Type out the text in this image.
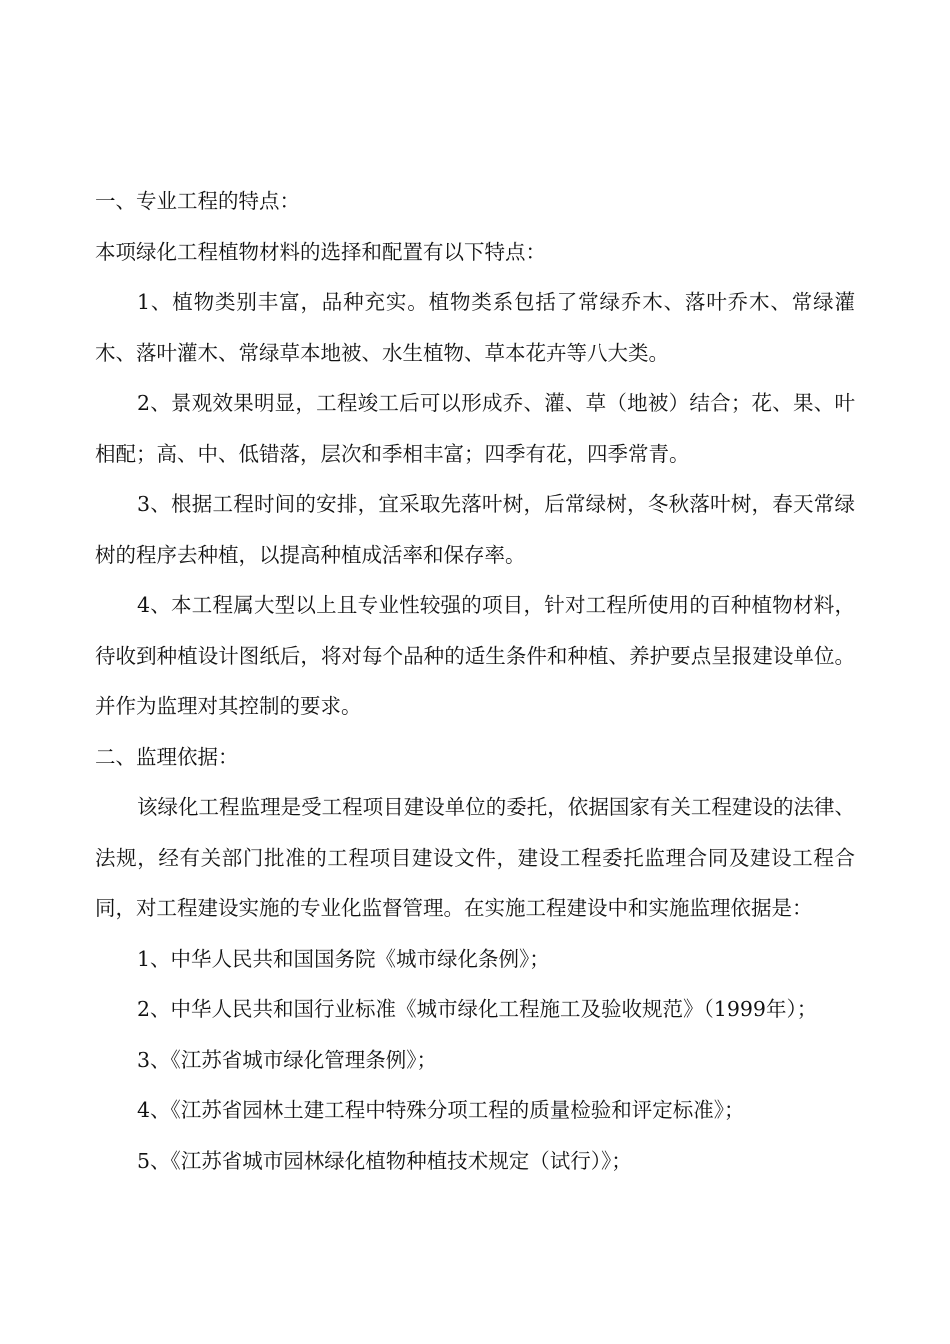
一、专业工程的特点：

本项绿化工程植物材料的选择和配置有以下特点：

1、植物类别丰富，品种充实。植物类系包括了常绿乔木、落叶乔木、常绿灌木、落叶灌木、常绿草本地被、水生植物、草本花卉等八大类。

2、景观效果明显，工程竣工后可以形成乔、灌、草（地被）结合；花、果、叶相配；高、中、低错落，层次和季相丰富；四季有花，四季常青。

3、根据工程时间的安排，宜采取先落叶树，后常绿树，冬秋落叶树，春天常绿树的程序去种植，以提高种植成活率和保存率。

4、本工程属大型以上且专业性较强的项目，针对工程所使用的百种植物材料，待收到种植设计图纸后，将对每个品种的适生条件和种植、养护要点呈报建设单位。并作为监理对其控制的要求。

二、监理依据：

该绿化工程监理是受工程项目建设单位的委托，依据国家有关工程建设的法律、法规，经有关部门批准的工程项目建设文件，建设工程委托监理合同及建设工程合同，对工程建设实施的专业化监督管理。在实施工程建设中和实施监理依据是：

1、中华人民共和国国务院《城市绿化条例》；

2、中华人民共和国行业标准《城市绿化工程施工及验收规范》（1999年）；

3、《江苏省城市绿化管理条例》；

4、《江苏省园林土建工程中特殊分项工程的质量检验和评定标准》；

5、《江苏省城市园林绿化植物种植技术规定（试行）》；
